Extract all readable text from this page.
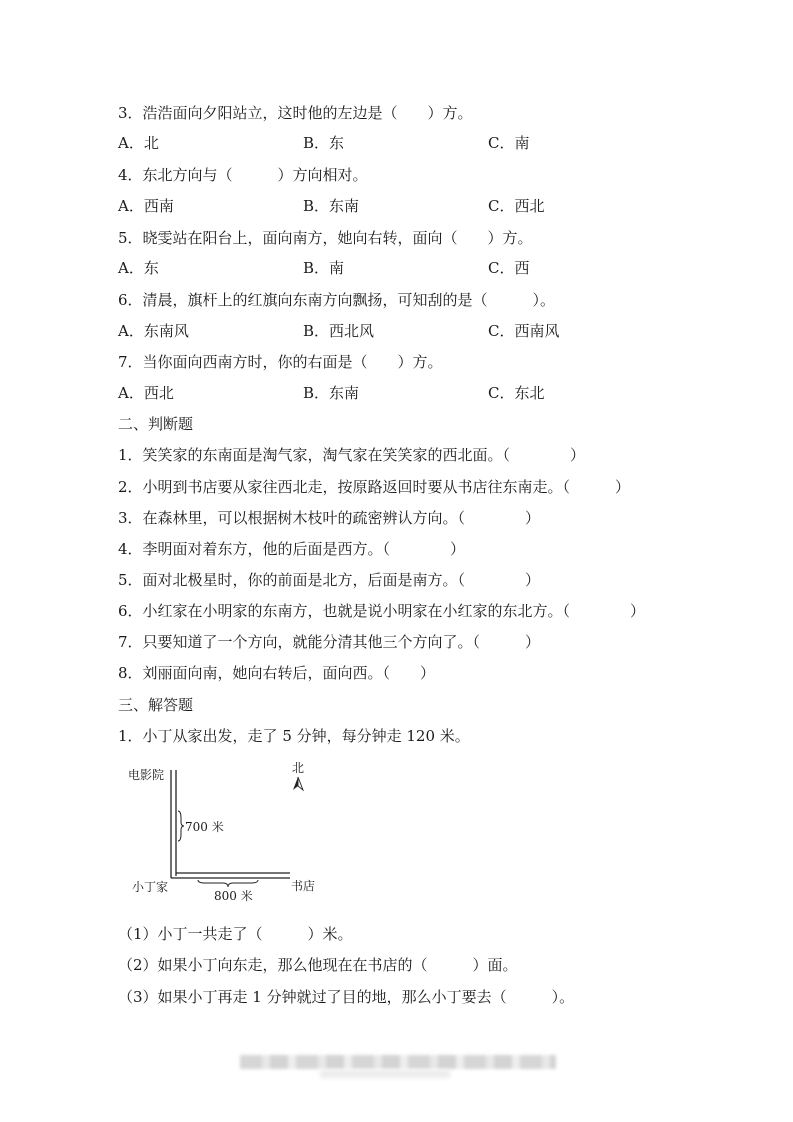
3．浩浩面向夕阳站立，这时他的左边是（　　）方。
A．北	B．东	C．南
4．东北方向与（　　　）方向相对。
A．西南	B．东南	C．西北
5．晓雯站在阳台上，面向南方，她向右转，面向（　　）方。
A．东	B．南	C．西
6．清晨，旗杆上的红旗向东南方向飘扬，可知刮的是（　　　）。
A．东南风	B．西北风	C．西南风
7．当你面向西南方时，你的右面是（　　）方。
A．西北	B．东南	C．东北
二、判断题
1．笑笑家的东南面是淘气家，淘气家在笑笑家的西北面。（　　　　）
2．小明到书店要从家往西北走，按原路返回时要从书店往东南走。（　　　）
3．在森林里，可以根据树木枝叶的疏密辨认方向。（　　　　）
4．李明面对着东方，他的后面是西方。（　　　　）
5．面对北极星时，你的前面是北方，后面是南方。（　　　　）
6．小红家在小明家的东南方，也就是说小明家在小红家的东北方。（　　　　）
7．只要知道了一个方向，就能分清其他三个方向了。（　　　）
8．刘丽面向南，她向右转后，面向西。（　　）
三、解答题
1．小丁从家出发，走了 5 分钟，每分钟走 120 米。
北
电影院
700 米
小丁家
800 米
书店
（1）小丁一共走了（　　　）米。
（2）如果小丁向东走，那么他现在在书店的（　　　）面。
（3）如果小丁再走 1 分钟就过了目的地，那么小丁要去（　　　）。
